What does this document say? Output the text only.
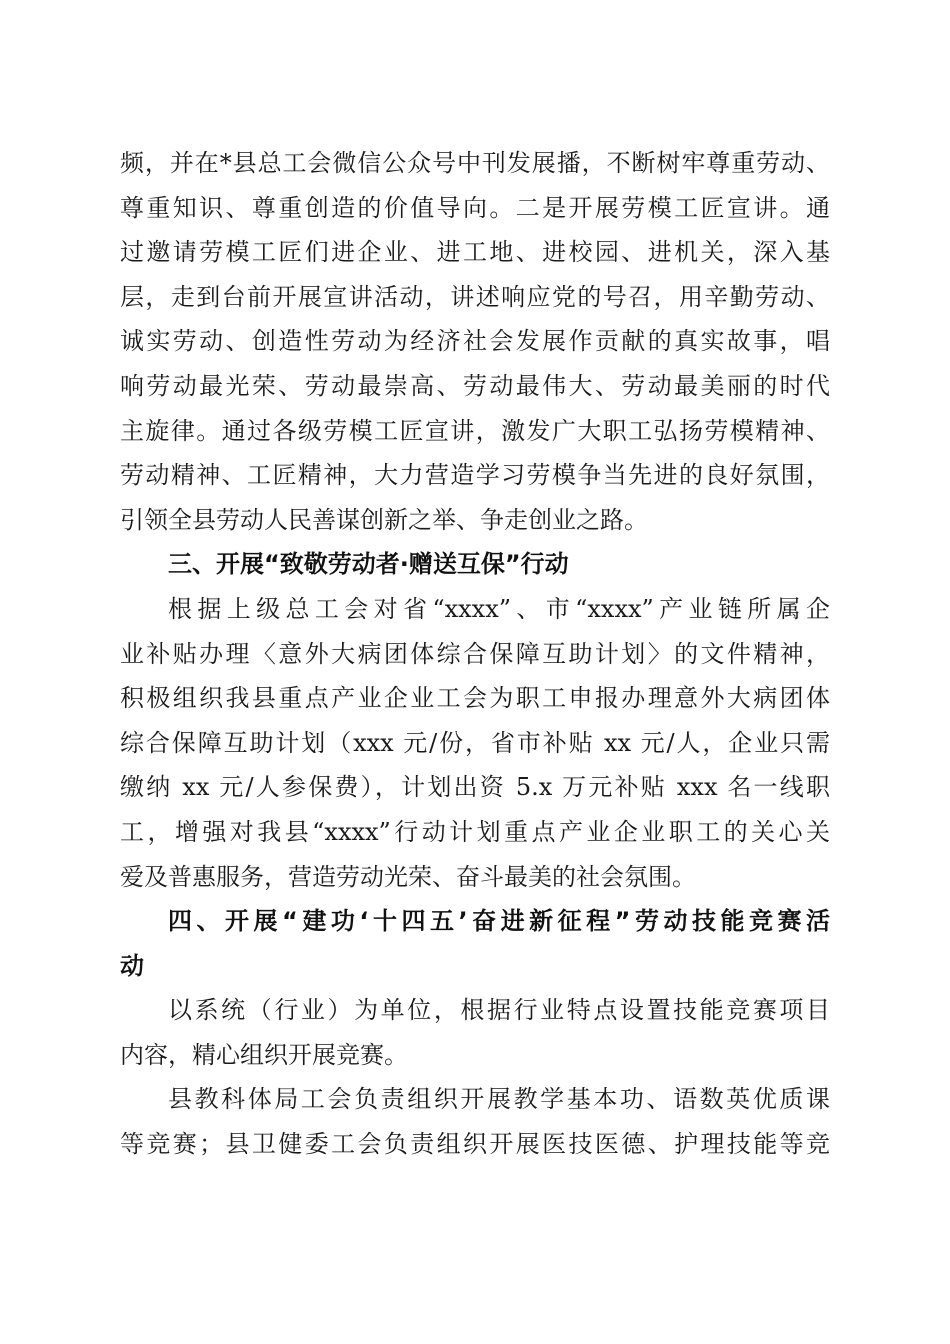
频，并在*县总工会微信公众号中刊发展播，不断树牢尊重劳动、
尊重知识、尊重创造的价值导向。二是开展劳模工匠宣讲。通
过邀请劳模工匠们进企业、进工地、进校园、进机关，深入基
层，走到台前开展宣讲活动，讲述响应党的号召，用辛勤劳动、
诚实劳动、创造性劳动为经济社会发展作贡献的真实故事，唱
响劳动最光荣、劳动最崇高、劳动最伟大、劳动最美丽的时代
主旋律。通过各级劳模工匠宣讲，激发广大职工弘扬劳模精神、
劳动精神、工匠精神，大力营造学习劳模争当先进的良好氛围，
引领全县劳动人民善谋创新之举、争走创业之路。
三、开展“致敬劳动者·赠送互保”行动
根据上级总工会对省“xxxx”、市“xxxx”产业链所属企
业补贴办理〈意外大病团体综合保障互助计划〉的文件精神，
积极组织我县重点产业企业工会为职工申报办理意外大病团体
综合保障互助计划（xxx 元/份，省市补贴 xx 元/人，企业只需
缴纳 xx 元/人参保费），计划出资 5.x 万元补贴 xxx 名一线职
工，增强对我县“xxxx”行动计划重点产业企业职工的关心关
爱及普惠服务，营造劳动光荣、奋斗最美的社会氛围。
四、开展“建功‘十四五’奋进新征程”劳动技能竞赛活
动
以系统（行业）为单位，根据行业特点设置技能竞赛项目
内容，精心组织开展竞赛。
县教科体局工会负责组织开展教学基本功、语数英优质课
等竞赛；县卫健委工会负责组织开展医技医德、护理技能等竞
